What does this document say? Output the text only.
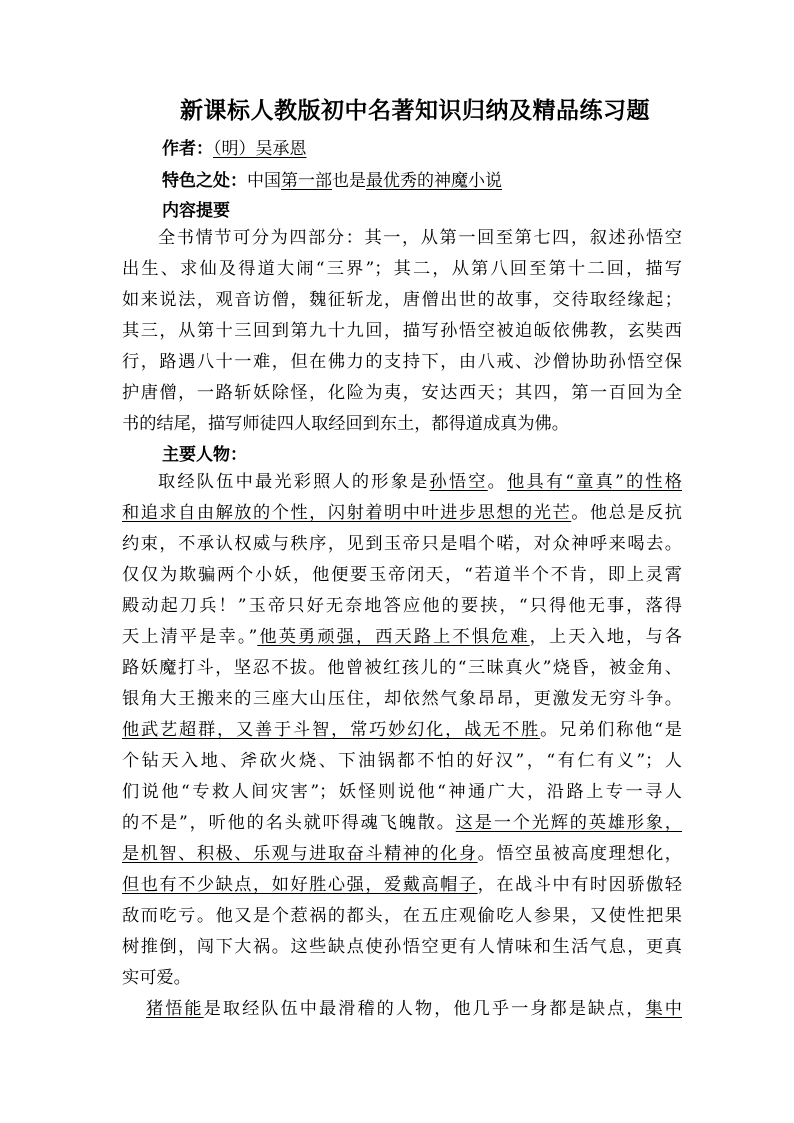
新课标人教版初中名著知识归纳及精品练习题
作者：（明）吴承恩
特色之处：中国第一部也是最优秀的神魔小说
内容提要
全书情节可分为四部分：其一，从第一回至第七四，叙述孙悟空
出生、求仙及得道大闹“三界”；其二，从第八回至第十二回，描写
如来说法，观音访僧，魏征斩龙，唐僧出世的故事，交待取经缘起；
其三，从第十三回到第九十九回，描写孙悟空被迫皈依佛教，玄奘西
行，路遇八十一难，但在佛力的支持下，由八戒、沙僧协助孙悟空保
护唐僧，一路斩妖除怪，化险为夷，安达西天；其四，第一百回为全
书的结尾，描写师徒四人取经回到东土，都得道成真为佛。
主要人物：
取经队伍中最光彩照人的形象是孙悟空。他具有“童真”的性格
和追求自由解放的个性，闪射着明中叶进步思想的光芒。他总是反抗
约束，不承认权威与秩序，见到玉帝只是唱个喏，对众神呼来喝去。
仅仅为欺骗两个小妖，他便要玉帝闭天，“若道半个不肯，即上灵霄
殿动起刀兵！”玉帝只好无奈地答应他的要挟，“只得他无事，落得
天上清平是幸。”他英勇顽强，西天路上不惧危难，上天入地，与各
路妖魔打斗，坚忍不拔。他曾被红孩儿的“三昧真火”烧昏，被金角、
银角大王搬来的三座大山压住，却依然气象昂昂，更激发无穷斗争。
他武艺超群，又善于斗智，常巧妙幻化，战无不胜。兄弟们称他“是
个钻天入地、斧砍火烧、下油锅都不怕的好汉”，“有仁有义”；人
们说他“专救人间灾害”；妖怪则说他“神通广大，沿路上专一寻人
的不是”，听他的名头就吓得魂飞魄散。这是一个光辉的英雄形象，
是机智、积极、乐观与进取奋斗精神的化身。悟空虽被高度理想化，
但也有不少缺点，如好胜心强，爱戴高帽子，在战斗中有时因骄傲轻
敌而吃亏。他又是个惹祸的都头，在五庄观偷吃人参果，又使性把果
树推倒，闯下大祸。这些缺点使孙悟空更有人情味和生活气息，更真
实可爱。
猪悟能是取经队伍中最滑稽的人物，他几乎一身都是缺点，集中
